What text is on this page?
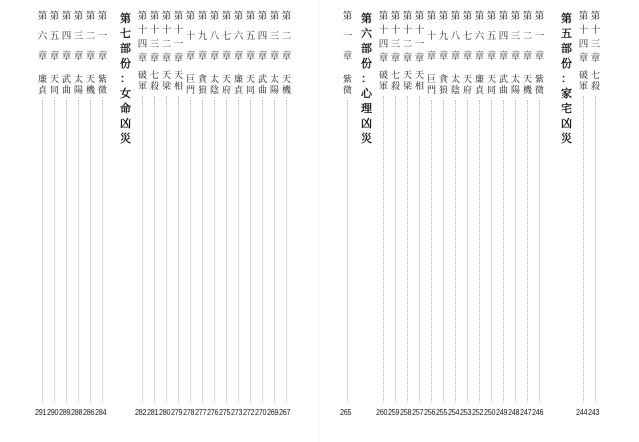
第
一
章
紫
微
284
第
二
章
天
機
286
第
三
章
太
陽
288
第
四
章
武
曲
289
第
五
章
天
同
290
第
六
章
廉
貞
291
第
七
部
份
：
女
命
凶
災
第
二
章
天
機
267
第
三
章
太
陽
269
第
四
章
武
曲
270
第
五
章
天
同
272
第
六
章
廉
貞
273
第
七
章
天
府
275
第
八
章
太
陰
276
第
九
章
貪
狼
277
第
十
章
巨
門
278
第
十
一
章
天
相
279
第
十
二
章
天
梁
280
第
十
三
章
七
殺
281
第
十
四
章
破
軍
282
第
一
章
紫
微
265
第
六
部
份
：
心
理
凶
災
第
一
章
紫
微
246
第
二
章
天
機
247
第
三
章
太
陽
248
第
四
章
武
曲
249
第
五
章
天
同
250
第
六
章
廉
貞
252
第
七
章
天
府
253
第
八
章
太
陰
254
第
九
章
貪
狼
255
第
十
章
巨
門
256
第
十
一
章
天
相
257
第
十
二
章
天
梁
258
第
十
三
章
七
殺
259
第
十
四
章
破
軍
260
第
五
部
份
：
家
宅
凶
災
第
十
三
章
七
殺
243
第
十
四
章
破
軍
244
